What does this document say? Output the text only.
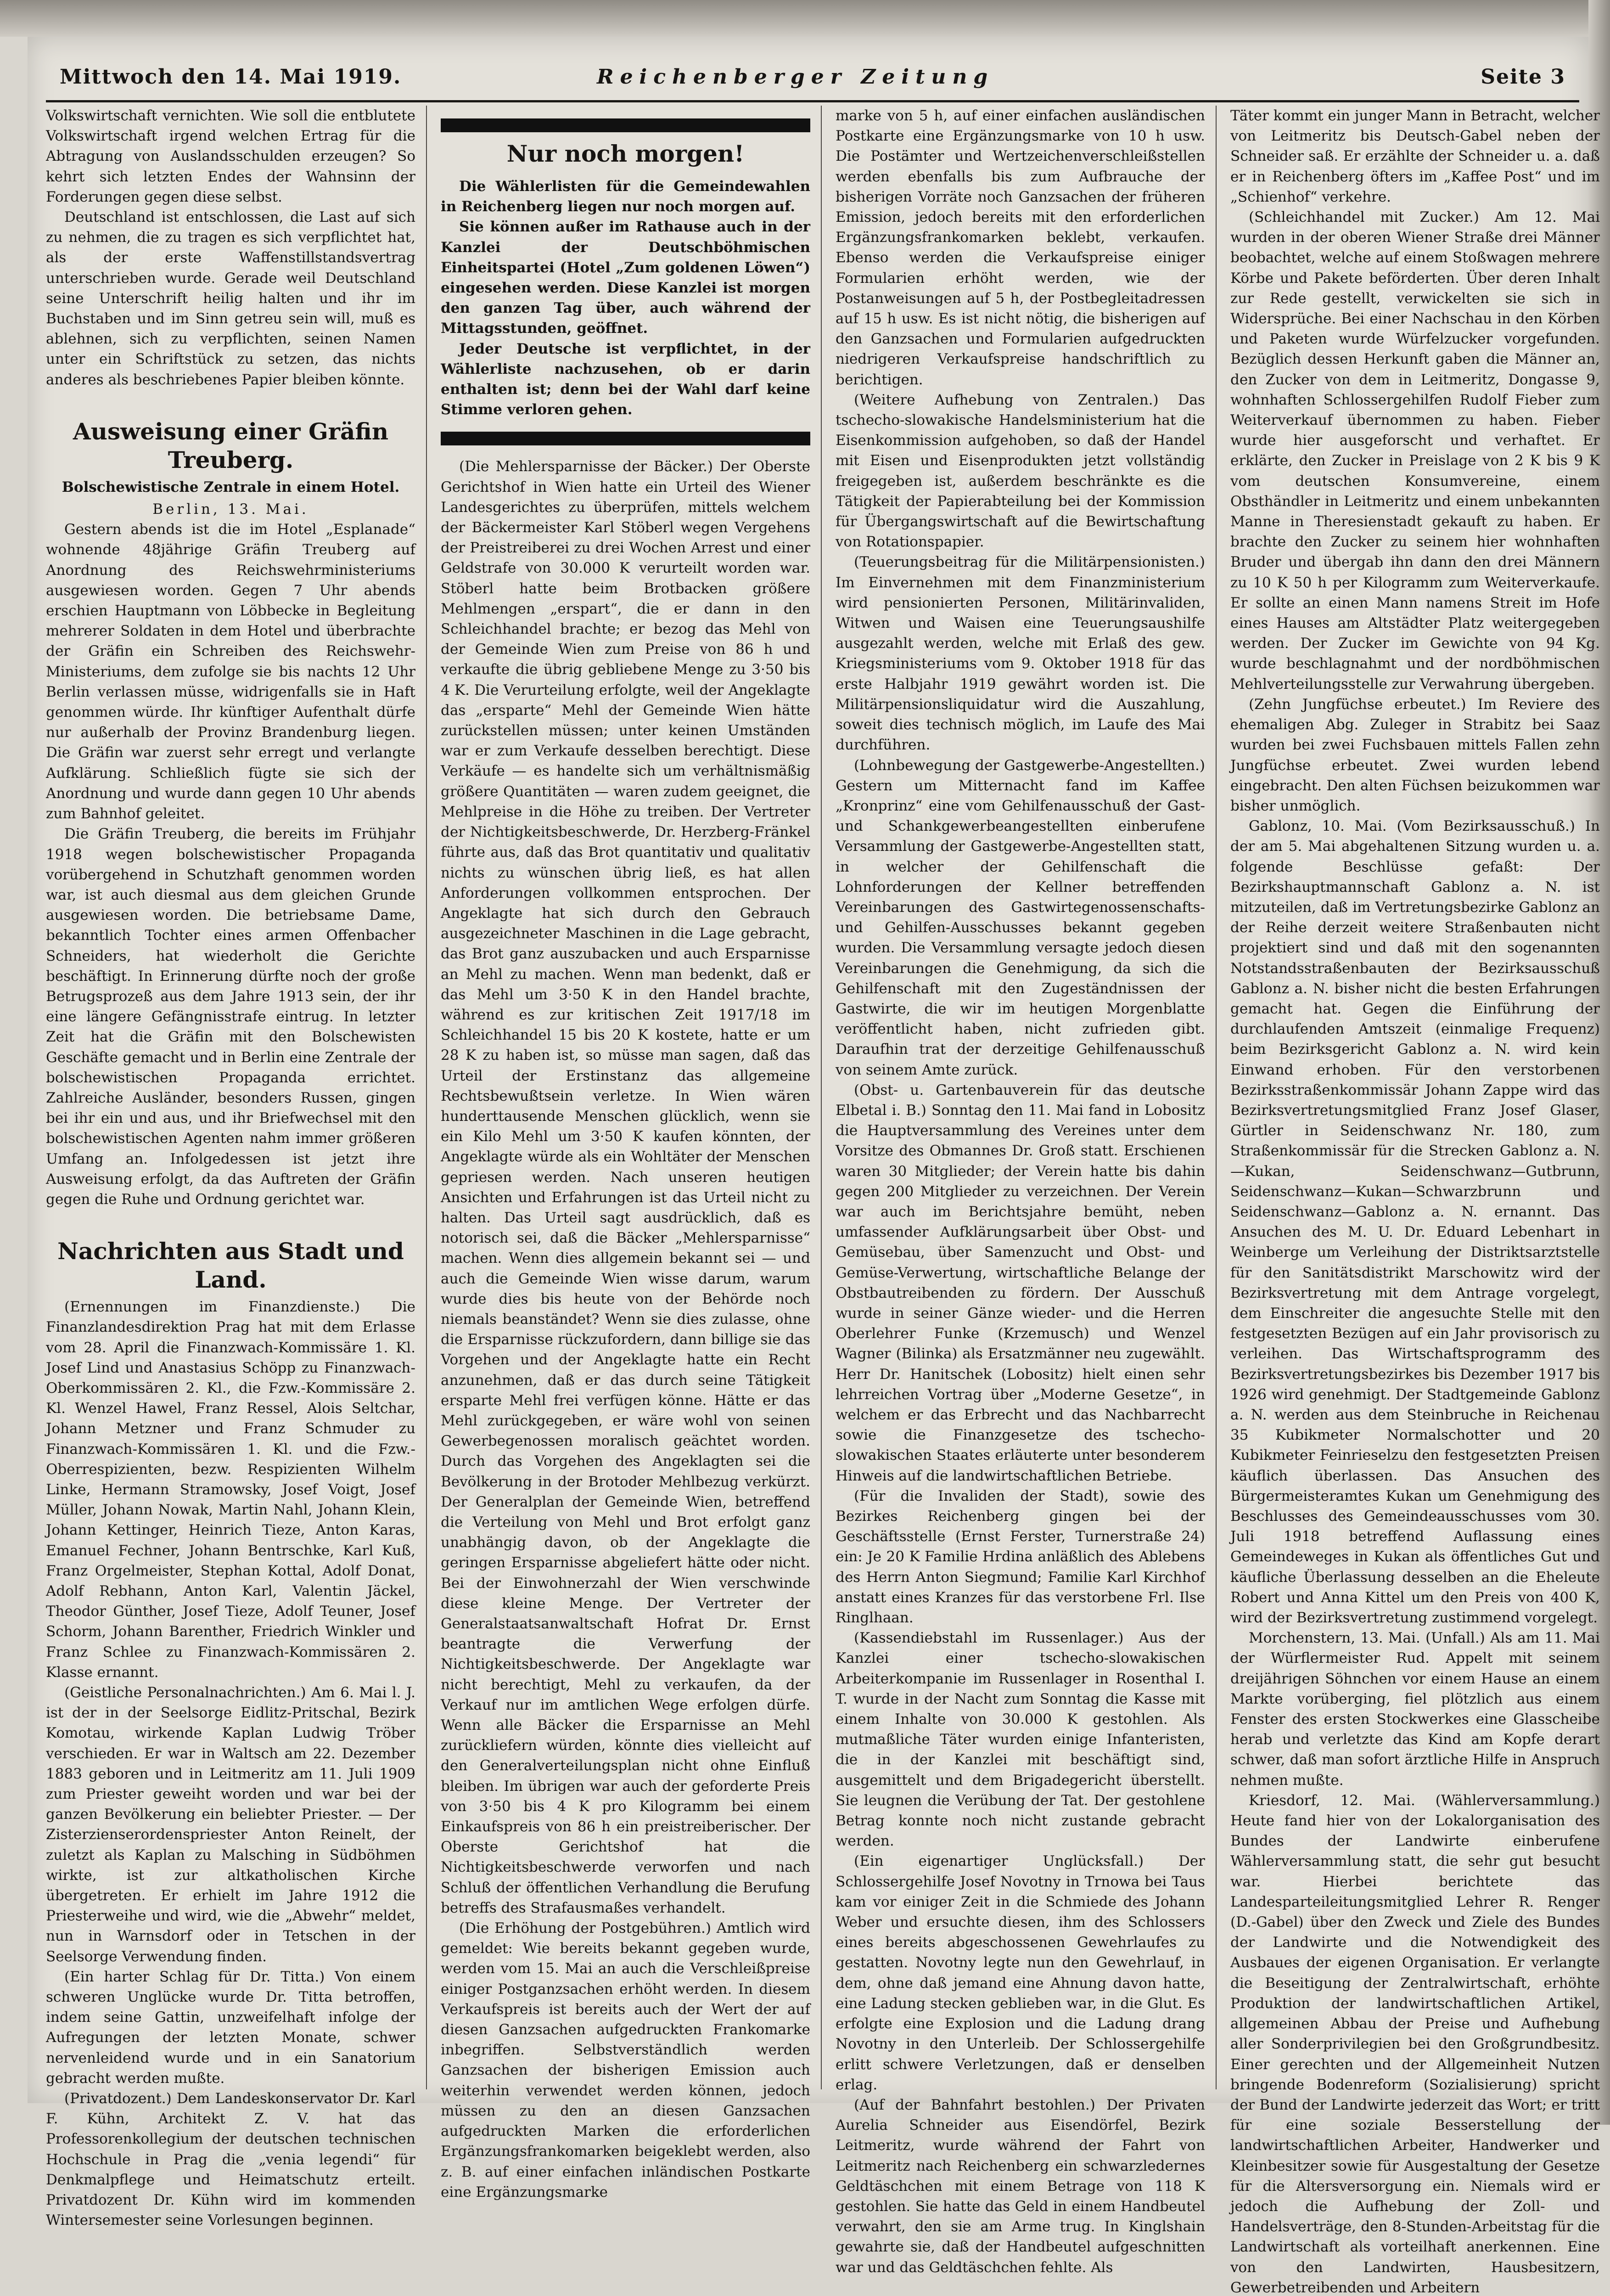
Mittwoch den 14. Mai 1919.	Reichenberger Zeitung	Seite 3

Volkswirtschaft vernichten. Wie soll die entblutete Volkswirtschaft irgend welchen Ertrag für die Abtragung von Auslandsschulden erzeugen? So kehrt sich letzten Endes der Wahnsinn der Forderungen gegen diese selbst.

Deutschland ist entschlossen, die Last auf sich zu nehmen, die zu tragen es sich verpflichtet hat, als der erste Waffenstillstandsvertrag unterschrieben wurde. Gerade weil Deutschland seine Unterschrift heilig halten und ihr im Buchstaben und im Sinn getreu sein will, muß es ablehnen, sich zu verpflichten, seinen Namen unter ein Schriftstück zu setzen, das nichts anderes als beschriebenes Papier bleiben könnte.

Ausweisung einer Gräfin Treuberg.
Bolschewistische Zentrale in einem Hotel.
Berlin, 13. Mai.

Gestern abends ist die im Hotel „Esplanade“ wohnende 48jährige Gräfin Treuberg auf Anordnung des Reichswehrministeriums ausgewiesen worden. Gegen 7 Uhr abends erschien Hauptmann von Löbbecke in Begleitung mehrerer Soldaten in dem Hotel und überbrachte der Gräfin ein Schreiben des Reichswehr-Ministeriums, dem zufolge sie bis nachts 12 Uhr Berlin verlassen müsse, widrigenfalls sie in Haft genommen würde. Ihr künftiger Aufenthalt dürfe nur außerhalb der Provinz Brandenburg liegen. Die Gräfin war zuerst sehr erregt und verlangte Aufklärung. Schließlich fügte sie sich der Anordnung und wurde dann gegen 10 Uhr abends zum Bahnhof geleitet.

Die Gräfin Treuberg, die bereits im Frühjahr 1918 wegen bolschewistischer Propaganda vorübergehend in Schutzhaft genommen worden war, ist auch diesmal aus dem gleichen Grunde ausgewiesen worden. Die betriebsame Dame, bekanntlich Tochter eines armen Offenbacher Schneiders, hat wiederholt die Gerichte beschäftigt. In Erinnerung dürfte noch der große Betrugsprozeß aus dem Jahre 1913 sein, der ihr eine längere Gefängnisstrafe eintrug. In letzter Zeit hat die Gräfin mit den Bolschewisten Geschäfte gemacht und in Berlin eine Zentrale der bolschewistischen Propaganda errichtet. Zahlreiche Ausländer, besonders Russen, gingen bei ihr ein und aus, und ihr Briefwechsel mit den bolschewistischen Agenten nahm immer größeren Umfang an. Infolgedessen ist jetzt ihre Ausweisung erfolgt, da das Auftreten der Gräfin gegen die Ruhe und Ordnung gerichtet war.

Nachrichten aus Stadt und Land.

(Ernennungen im Finanzdienste.) Die Finanzlandesdirektion Prag hat mit dem Erlasse vom 28. April die Finanzwach-Kommissäre 1. Kl. Josef Lind und Anastasius Schöpp zu Finanzwach-Oberkommissären 2. Kl., die Fzw.-Kommissäre 2. Kl. Wenzel Hawel, Franz Ressel, Alois Seltchar, Johann Metzner und Franz Schmuder zu Finanzwach-Kommissären 1. Kl. und die Fzw.-Oberrespizienten, bezw. Respizienten Wilhelm Linke, Hermann Stramowsky, Josef Voigt, Josef Müller, Johann Nowak, Martin Nahl, Johann Klein, Johann Kettinger, Heinrich Tieze, Anton Karas, Emanuel Fechner, Johann Bentrschke, Karl Kuß, Franz Orgelmeister, Stephan Kottal, Adolf Donat, Adolf Rebhann, Anton Karl, Valentin Jäckel, Theodor Günther, Josef Tieze, Adolf Teuner, Josef Schorm, Johann Barenther, Friedrich Winkler und Franz Schlee zu Finanzwach-Kommissären 2. Klasse ernannt.

(Geistliche Personalnachrichten.) Am 6. Mai l. J. ist der in der Seelsorge Eidlitz-Pritschal, Bezirk Komotau, wirkende Kaplan Ludwig Tröber verschieden. Er war in Waltsch am 22. Dezember 1883 geboren und in Leitmeritz am 11. Juli 1909 zum Priester geweiht worden und war bei der ganzen Bevölkerung ein beliebter Priester. — Der Zisterzienserordenspriester Anton Reinelt, der zuletzt als Kaplan zu Malsching in Südböhmen wirkte, ist zur altkatholischen Kirche übergetreten. Er erhielt im Jahre 1912 die Priesterweihe und wird, wie die „Abwehr“ meldet, nun in Warnsdorf oder in Tetschen in der Seelsorge Verwendung finden.

(Ein harter Schlag für Dr. Titta.) Von einem schweren Unglücke wurde Dr. Titta betroffen, indem seine Gattin, unzweifelhaft infolge der Aufregungen der letzten Monate, schwer nervenleidend wurde und in ein Sanatorium gebracht werden mußte.

(Privatdozent.) Dem Landeskonservator Dr. Karl F. Kühn, Architekt Z. V. hat das Professorenkollegium der deutschen technischen Hochschule in Prag die „venia legendi“ für Denkmalpflege und Heimatschutz erteilt. Privatdozent Dr. Kühn wird im kommenden Wintersemester seine Vorlesungen beginnen.

Nur noch morgen!

Die Wählerlisten für die Gemeindewahlen in Reichenberg liegen nur noch morgen auf.

Sie können außer im Rathause auch in der Kanzlei der Deutschböhmischen Einheitspartei (Hotel „Zum goldenen Löwen“) eingesehen werden. Diese Kanzlei ist morgen den ganzen Tag über, auch während der Mittagsstunden, geöffnet.

Jeder Deutsche ist verpflichtet, in der Wählerliste nachzusehen, ob er darin enthalten ist; denn bei der Wahl darf keine Stimme verloren gehen.

(Die Mehlersparnisse der Bäcker.) Der Oberste Gerichtshof in Wien hatte ein Urteil des Wiener Landesgerichtes zu überprüfen, mittels welchem der Bäckermeister Karl Stöberl wegen Vergehens der Preistreiberei zu drei Wochen Arrest und einer Geldstrafe von 30.000 K verurteilt worden war. Stöberl hatte beim Brotbacken größere Mehlmengen „erspart“, die er dann in den Schleichhandel brachte; er bezog das Mehl von der Gemeinde Wien zum Preise von 86 h und verkaufte die übrig gebliebene Menge zu 3·50 bis 4 K. Die Verurteilung erfolgte, weil der Angeklagte das „ersparte“ Mehl der Gemeinde Wien hätte zurückstellen müssen; unter keinen Umständen war er zum Verkaufe desselben berechtigt. Diese Verkäufe — es handelte sich um verhältnismäßig größere Quantitäten — waren zudem geeignet, die Mehlpreise in die Höhe zu treiben. Der Vertreter der Nichtigkeitsbeschwerde, Dr. Herzberg-Fränkel führte aus, daß das Brot quantitativ und qualitativ nichts zu wünschen übrig ließ, es hat allen Anforderungen vollkommen entsprochen. Der Angeklagte hat sich durch den Gebrauch ausgezeichneter Maschinen in die Lage gebracht, das Brot ganz auszubacken und auch Ersparnisse an Mehl zu machen. Wenn man bedenkt, daß er das Mehl um 3·50 K in den Handel brachte, während es zur kritischen Zeit 1917/18 im Schleichhandel 15 bis 20 K kostete, hatte er um 28 K zu haben ist, so müsse man sagen, daß das Urteil der Erstinstanz das allgemeine Rechtsbewußtsein verletze. In Wien wären hunderttausende Menschen glücklich, wenn sie ein Kilo Mehl um 3·50 K kaufen könnten, der Angeklagte würde als ein Wohltäter der Menschen gepriesen werden. Nach unseren heutigen Ansichten und Erfahrungen ist das Urteil nicht zu halten. Das Urteil sagt ausdrücklich, daß es notorisch sei, daß die Bäcker „Mehlersparnisse“ machen. Wenn dies allgemein bekannt sei — und auch die Gemeinde Wien wisse darum, warum wurde dies bis heute von der Behörde noch niemals beanständet? Wenn sie dies zulasse, ohne die Ersparnisse rückzufordern, dann billige sie das Vorgehen und der Angeklagte hatte ein Recht anzunehmen, daß er das durch seine Tätigkeit ersparte Mehl frei verfügen könne. Hätte er das Mehl zurückgegeben, er wäre wohl von seinen Gewerbegenossen moralisch geächtet worden. Durch das Vorgehen des Angeklagten sei die Bevölkerung in der Brotoder Mehlbezug verkürzt. Der Generalplan der Gemeinde Wien, betreffend die Verteilung von Mehl und Brot erfolgt ganz unabhängig davon, ob der Angeklagte die geringen Ersparnisse abgeliefert hätte oder nicht. Bei der Einwohnerzahl der Wien verschwinde diese kleine Menge. Der Vertreter der Generalstaatsanwaltschaft Hofrat Dr. Ernst beantragte die Verwerfung der Nichtigkeitsbeschwerde. Der Angeklagte war nicht berechtigt, Mehl zu verkaufen, da der Verkauf nur im amtlichen Wege erfolgen dürfe. Wenn alle Bäcker die Ersparnisse an Mehl zurückliefern würden, könnte dies vielleicht auf den Generalverteilungsplan nicht ohne Einfluß bleiben. Im übrigen war auch der geforderte Preis von 3·50 bis 4 K pro Kilogramm bei einem Einkaufspreis von 86 h ein preistreiberischer. Der Oberste Gerichtshof hat die Nichtigkeitsbeschwerde verworfen und nach Schluß der öffentlichen Verhandlung die Berufung betreffs des Strafausmaßes verhandelt.

(Die Erhöhung der Postgebühren.) Amtlich wird gemeldet: Wie bereits bekannt gegeben wurde, werden vom 15. Mai an auch die Verschleißpreise einiger Postganzsachen erhöht werden. In diesem Verkaufspreis ist bereits auch der Wert der auf diesen Ganzsachen aufgedruckten Frankomarke inbegriffen. Selbstverständlich werden Ganzsachen der bisherigen Emission auch weiterhin verwendet werden können, jedoch müssen zu den an diesen Ganzsachen aufgedruckten Marken die erforderlichen Ergänzungsfrankomarken beigeklebt werden, also z. B. auf einer einfachen inländischen Postkarte eine Ergänzungsmarke

marke von 5 h, auf einer einfachen ausländischen Postkarte eine Ergänzungsmarke von 10 h usw. Die Postämter und Wertzeichenverschleißstellen werden ebenfalls bis zum Aufbrauche der bisherigen Vorräte noch Ganzsachen der früheren Emission, jedoch bereits mit den erforderlichen Ergänzungsfrankomarken beklebt, verkaufen. Ebenso werden die Verkaufspreise einiger Formularien erhöht werden, wie der Postanweisungen auf 5 h, der Postbegleitadressen auf 15 h usw. Es ist nicht nötig, die bisherigen auf den Ganzsachen und Formularien aufgedruckten niedrigeren Verkaufspreise handschriftlich zu berichtigen.

(Weitere Aufhebung von Zentralen.) Das tschecho-slowakische Handelsministerium hat die Eisenkommission aufgehoben, so daß der Handel mit Eisen und Eisenprodukten jetzt vollständig freigegeben ist, außerdem beschränkte es die Tätigkeit der Papierabteilung bei der Kommission für Übergangswirtschaft auf die Bewirtschaftung von Rotationspapier.

(Teuerungsbeitrag für die Militärpensionisten.) Im Einvernehmen mit dem Finanzministerium wird pensionierten Personen, Militärinvaliden, Witwen und Waisen eine Teuerungsaushilfe ausgezahlt werden, welche mit Erlaß des gew. Kriegsministeriums vom 9. Oktober 1918 für das erste Halbjahr 1919 gewährt worden ist. Die Militärpensionsliquidatur wird die Auszahlung, soweit dies technisch möglich, im Laufe des Mai durchführen.

(Lohnbewegung der Gastgewerbe-Angestellten.) Gestern um Mitternacht fand im Kaffee „Kronprinz“ eine vom Gehilfenausschuß der Gast- und Schankgewerbeangestellten einberufene Versammlung der Gastgewerbe-Angestellten statt, in welcher der Gehilfenschaft die Lohnforderungen der Kellner betreffenden Vereinbarungen des Gastwirtegenossenschafts- und Gehilfen-Ausschusses bekannt gegeben wurden. Die Versammlung versagte jedoch diesen Vereinbarungen die Genehmigung, da sich die Gehilfenschaft mit den Zugeständnissen der Gastwirte, die wir im heutigen Morgenblatte veröffentlicht haben, nicht zufrieden gibt. Daraufhin trat der derzeitige Gehilfenausschuß von seinem Amte zurück.

(Obst- u. Gartenbauverein für das deutsche Elbetal i. B.) Sonntag den 11. Mai fand in Lobositz die Hauptversammlung des Vereines unter dem Vorsitze des Obmannes Dr. Groß statt. Erschienen waren 30 Mitglieder; der Verein hatte bis dahin gegen 200 Mitglieder zu verzeichnen. Der Verein war auch im Berichtsjahre bemüht, neben umfassender Aufklärungsarbeit über Obst- und Gemüsebau, über Samenzucht und Obst- und Gemüse-Verwertung, wirtschaftliche Belange der Obstbautreibenden zu fördern. Der Ausschuß wurde in seiner Gänze wieder- und die Herren Oberlehrer Funke (Krzemusch) und Wenzel Wagner (Bilinka) als Ersatzmänner neu zugewählt. Herr Dr. Hanitschek (Lobositz) hielt einen sehr lehrreichen Vortrag über „Moderne Gesetze“, in welchem er das Erbrecht und das Nachbarrecht sowie die Finanzgesetze des tschecho-slowakischen Staates erläuterte unter besonderem Hinweis auf die landwirtschaftlichen Betriebe.

(Für die Invaliden der Stadt), sowie des Bezirkes Reichenberg gingen bei der Geschäftsstelle (Ernst Ferster, Turnerstraße 24) ein: Je 20 K Familie Hrdina anläßlich des Ablebens des Herrn Anton Siegmund; Familie Karl Kirchhof anstatt eines Kranzes für das verstorbene Frl. Ilse Ringlhaan.

(Kassendiebstahl im Russenlager.) Aus der Kanzlei einer tschecho-slowakischen Arbeiterkompanie im Russenlager in Rosenthal I. T. wurde in der Nacht zum Sonntag die Kasse mit einem Inhalte von 30.000 K gestohlen. Als mutmaßliche Täter wurden einige Infanteristen, die in der Kanzlei mit beschäftigt sind, ausgemittelt und dem Brigadegericht überstellt. Sie leugnen die Verübung der Tat. Der gestohlene Betrag konnte noch nicht zustande gebracht werden.

(Ein eigenartiger Unglücksfall.) Der Schlossergehilfe Josef Novotny in Trnowa bei Taus kam vor einiger Zeit in die Schmiede des Johann Weber und ersuchte diesen, ihm des Schlossers eines bereits abgeschossenen Gewehrlaufes zu gestatten. Novotny legte nun den Gewehrlauf, in dem, ohne daß jemand eine Ahnung davon hatte, eine Ladung stecken geblieben war, in die Glut. Es erfolgte eine Explosion und die Ladung drang Novotny in den Unterleib. Der Schlossergehilfe erlitt schwere Verletzungen, daß er denselben erlag.

(Auf der Bahnfahrt bestohlen.) Der Privaten Aurelia Schneider aus Eisendörfel, Bezirk Leitmeritz, wurde während der Fahrt von Leitmeritz nach Reichenberg ein schwarzledernes Geldtäschchen mit einem Betrage von 118 K gestohlen. Sie hatte das Geld in einem Handbeutel verwahrt, den sie am Arme trug. In Kinglshain gewahrte sie, daß der Handbeutel aufgeschnitten war und das Geldtäschchen fehlte. Als

Täter kommt ein junger Mann in Betracht, welcher von Leitmeritz bis Deutsch-Gabel neben der Schneider saß. Er erzählte der Schneider u. a. daß er in Reichenberg öfters im „Kaffee Post“ und im „Schienhof“ verkehre.

(Schleichhandel mit Zucker.) Am 12. Mai wurden in der oberen Wiener Straße drei Männer beobachtet, welche auf einem Stoßwagen mehrere Körbe und Pakete beförderten. Über deren Inhalt zur Rede gestellt, verwickelten sie sich in Widersprüche. Bei einer Nachschau in den Körben und Paketen wurde Würfelzucker vorgefunden. Bezüglich dessen Herkunft gaben die Männer an, den Zucker von dem in Leitmeritz, Dongasse 9, wohnhaften Schlossergehilfen Rudolf Fieber zum Weiterverkauf übernommen zu haben. Fieber wurde hier ausgeforscht und verhaftet. Er erklärte, den Zucker in Preislage von 2 K bis 9 K vom deutschen Konsumvereine, einem Obsthändler in Leitmeritz und einem unbekannten Manne in Theresienstadt gekauft zu haben. Er brachte den Zucker zu seinem hier wohnhaften Bruder und übergab ihn dann den drei Männern zu 10 K 50 h per Kilogramm zum Weiterverkaufe. Er sollte an einen Mann namens Streit im Hofe eines Hauses am Altstädter Platz weitergegeben werden. Der Zucker im Gewichte von 94 Kg. wurde beschlagnahmt und der nordböhmischen Mehlverteilungsstelle zur Verwahrung übergeben.

(Zehn Jungfüchse erbeutet.) Im Reviere des ehemaligen Abg. Zuleger in Strabitz bei Saaz wurden bei zwei Fuchsbauen mittels Fallen zehn Jungfüchse erbeutet. Zwei wurden lebend eingebracht. Den alten Füchsen beizukommen war bisher unmöglich.

Gablonz, 10. Mai. (Vom Bezirksausschuß.) In der am 5. Mai abgehaltenen Sitzung wurden u. a. folgende Beschlüsse gefaßt: Der Bezirkshauptmannschaft Gablonz a. N. ist mitzuteilen, daß im Vertretungsbezirke Gablonz an der Reihe derzeit weitere Straßenbauten nicht projektiert sind und daß mit den sogenannten Notstandsstraßenbauten der Bezirksausschuß Gablonz a. N. bisher nicht die besten Erfahrungen gemacht hat. Gegen die Einführung der durchlaufenden Amtszeit (einmalige Frequenz) beim Bezirksgericht Gablonz a. N. wird kein Einwand erhoben. Für den verstorbenen Bezirksstraßenkommissär Johann Zappe wird das Bezirksvertretungsmitglied Franz Josef Glaser, Gürtler in Seidenschwanz Nr. 180, zum Straßenkommissär für die Strecken Gablonz a. N.—Kukan, Seidenschwanz—Gutbrunn, Seidenschwanz—Kukan—Schwarzbrunn und Seidenschwanz—Gablonz a. N. ernannt. Das Ansuchen des M. U. Dr. Eduard Lebenhart in Weinberge um Verleihung der Distriktsarztstelle für den Sanitätsdistrikt Marschowitz wird der Bezirksvertretung mit dem Antrage vorgelegt, dem Einschreiter die angesuchte Stelle mit den festgesetzten Bezügen auf ein Jahr provisorisch zu verleihen. Das Wirtschaftsprogramm des Bezirksvertretungsbezirkes bis Dezember 1917 bis 1926 wird genehmigt. Der Stadtgemeinde Gablonz a. N. werden aus dem Steinbruche in Reichenau 35 Kubikmeter Normalschotter und 20 Kubikmeter Feinrieselzu den festgesetzten Preisen käuflich überlassen. Das Ansuchen des Bürgermeisteramtes Kukan um Genehmigung des Beschlusses des Gemeindeausschusses vom 30. Juli 1918 betreffend Auflassung eines Gemeindeweges in Kukan als öffentliches Gut und käufliche Überlassung desselben an die Eheleute Robert und Anna Kittel um den Preis von 400 K, wird der Bezirksvertretung zustimmend vorgelegt.

Morchenstern, 13. Mai. (Unfall.) Als am 11. Mai der Würflermeister Rud. Appelt mit seinem dreijährigen Söhnchen vor einem Hause an einem Markte vorüberging, fiel plötzlich aus einem Fenster des ersten Stockwerkes eine Glasscheibe herab und verletzte das Kind am Kopfe derart schwer, daß man sofort ärztliche Hilfe in Anspruch nehmen mußte.

Kriesdorf, 12. Mai. (Wählerversammlung.) Heute fand hier von der Lokalorganisation des Bundes der Landwirte einberufene Wählerversammlung statt, die sehr gut besucht war. Hierbei berichtete das Landesparteileitungsmitglied Lehrer R. Renger (D.-Gabel) über den Zweck und Ziele des Bundes der Landwirte und die Notwendigkeit des Ausbaues der eigenen Organisation. Er verlangte die Beseitigung der Zentralwirtschaft, erhöhte Produktion der landwirtschaftlichen Artikel, allgemeinen Abbau der Preise und Aufhebung aller Sonderprivilegien bei den Großgrundbesitz. Einer gerechten und der Allgemeinheit Nutzen bringende Bodenreform (Sozialisierung) spricht der Bund der Landwirte jederzeit das Wort; er tritt für eine soziale Besserstellung der landwirtschaftlichen Arbeiter, Handwerker und Kleinbesitzer sowie für Ausgestaltung der Gesetze für die Altersversorgung ein. Niemals wird er jedoch die Aufhebung der Zoll- und Handelsverträge, den 8-Stunden-Arbeitstag für die Landwirtschaft als vorteilhaft anerkennen. Eine von den Landwirten, Hausbesitzern, Gewerbetreibenden und Arbeitern
